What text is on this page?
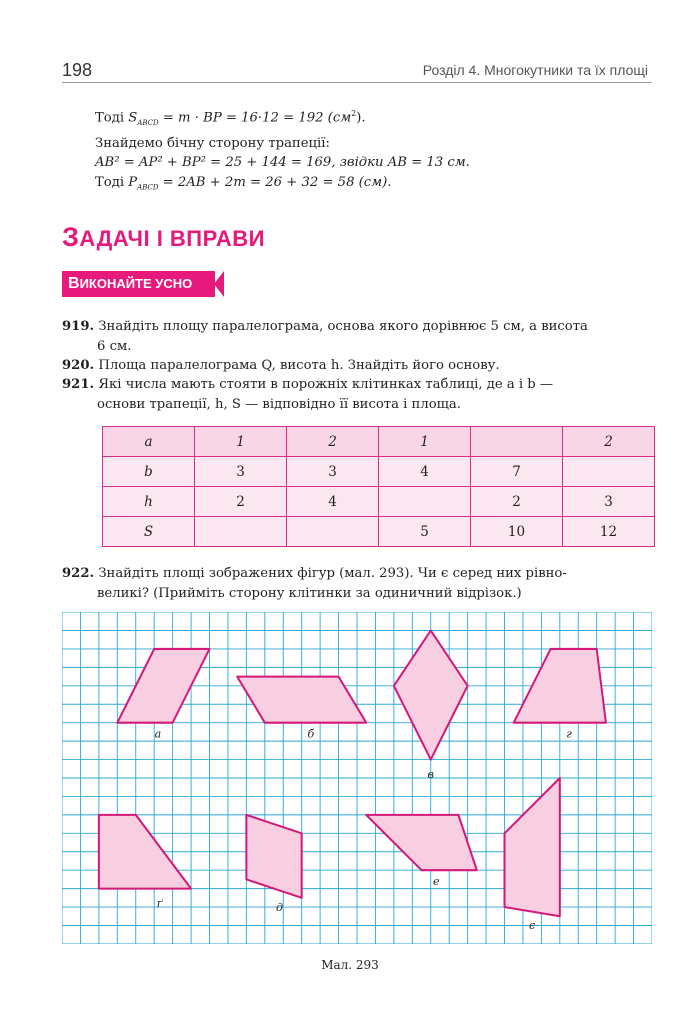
198	Розділ 4. Многокутники та їх площі
Тоді $S_{ABCD} = m$ · BP = 16·12 = 192 $(см^2)$.
Знайдемо бічну сторону трапеції:
AB² = AP² + BP² = 25 + 144 = 169, звідки AB = 13 см.
Тоді $P_{ABCD} = 2AB + 2m = 26 + 32 = 58$ (см).
ЗАДАЧІ І ВПРАВИ
ВИКОНАЙТЕ УСНО
919. Знайдіть площу паралелограма, основа якого дорівнює 5 см, а висота
6 см.
920. Площа паралелограма Q, висота h. Знайдіть його основу.
921. Які числа мають стояти в порожніх клітинках таблиці, де a і b —
основи трапеції, h, S — відповідно її висота і площа.
a	1	2	1		2
b	3	3	4	7	
h	2	4		2	3
S			5	10	12
922. Знайдіть площі зображених фігур (мал. 293). Чи є серед них рівно-
великі? (Прийміть сторону клітинки за одиничний відрізок.)
а	б
в
г
ґ	д
е
є
Мал. 293
